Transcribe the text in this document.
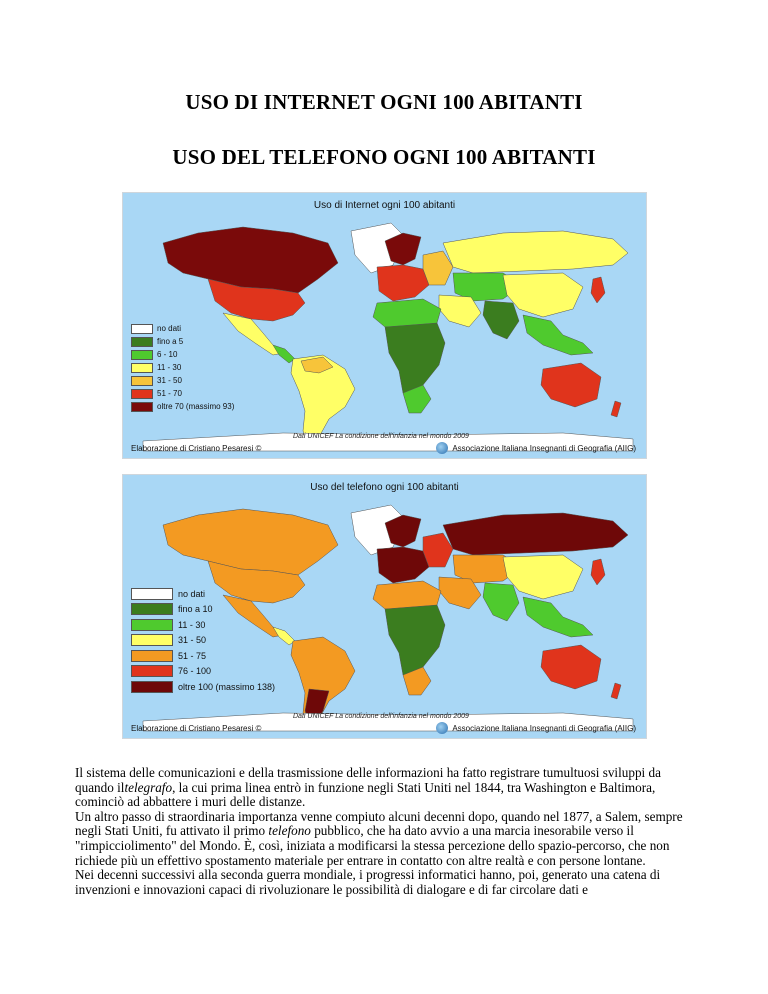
USO DI INTERNET OGNI 100 ABITANTI
USO DEL TELEFONO OGNI 100 ABITANTI
Uso di Internet ogni 100 abitanti
no dati
fino a 5
6 - 10
11 - 30
31 - 50
51 - 70
oltre 70 (massimo 93)
Dati UNICEF La condizione dell'infanzia nel mondo 2009
Elaborazione di Cristiano Pesaresi ©	Associazione Italiana Insegnanti di Geografia (AIIG)
Uso del telefono ogni 100 abitanti
no dati
fino a 10
11 - 30
31 - 50
51 - 75
76 - 100
oltre 100 (massimo 138)
Dati UNICEF La condizione dell'infanzia nel mondo 2009
Elaborazione di Cristiano Pesaresi ©	Associazione Italiana Insegnanti di Geografia (AIIG)

Il sistema delle comunicazioni e della trasmissione delle informazioni ha fatto registrare tumultuosi sviluppi da quando iltelegrafo, la cui prima linea entrò in funzione negli Stati Uniti nel 1844, tra Washington e Baltimora, cominciò ad abbattere i muri delle distanze.

Un altro passo di straordinaria importanza venne compiuto alcuni decenni dopo, quando nel 1877, a Salem, sempre negli Stati Uniti, fu attivato il primo telefono pubblico, che ha dato avvio a una marcia inesorabile verso il "rimpicciolimento" del Mondo. È, così, iniziata a modificarsi la stessa percezione dello spazio-percorso, che non richiede più un effettivo spostamento materiale per entrare in contatto con altre realtà e con persone lontane.

Nei decenni successivi alla seconda guerra mondiale, i progressi informatici hanno, poi, generato una catena di invenzioni e innovazioni capaci di rivoluzionare le possibilità di dialogare e di far circolare dati e
